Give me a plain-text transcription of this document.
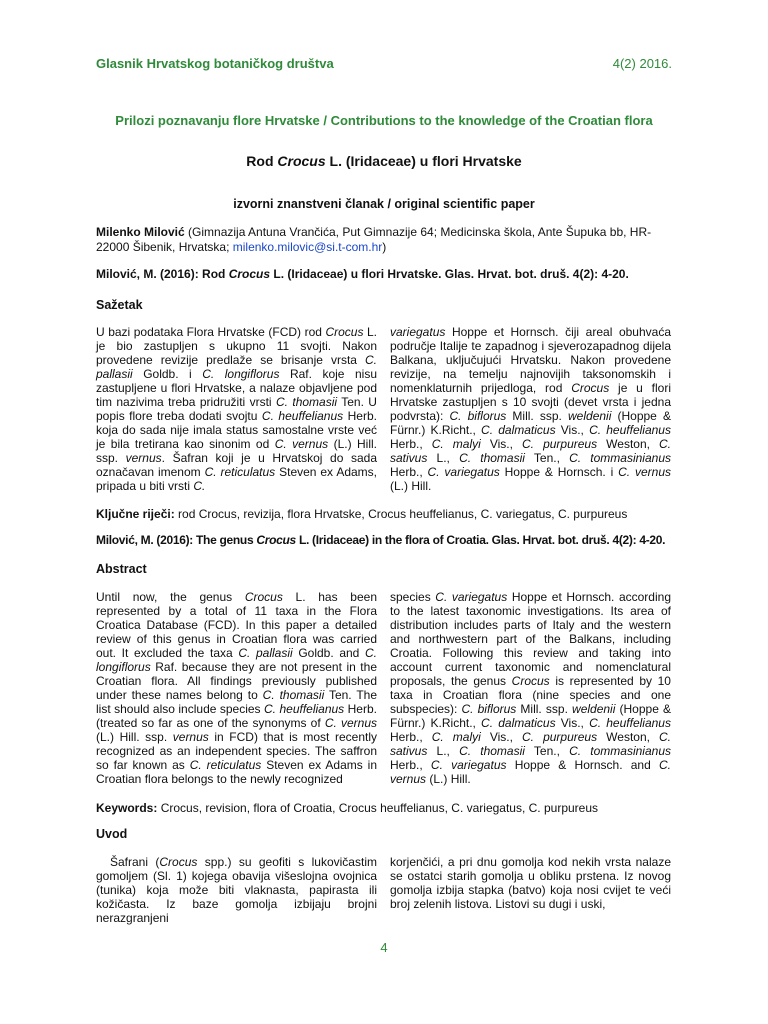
Glasnik Hrvatskog botaničkog društva	4(2) 2016.
Prilozi poznavanju flore Hrvatske / Contributions to the knowledge of the Croatian flora
Rod Crocus L. (Iridaceae) u flori Hrvatske
izvorni znanstveni članak / original scientific paper
Milenko Milović (Gimnazija Antuna Vrančića, Put Gimnazije 64; Medicinska škola, Ante Šupuka bb, HR-22000 Šibenik, Hrvatska; milenko.milovic@si.t-com.hr)
Milović, M. (2016): Rod Crocus L. (Iridaceae) u flori Hrvatske. Glas. Hrvat. bot. druš. 4(2): 4-20.
Sažetak
U bazi podataka Flora Hrvatske (FCD) rod Crocus L. je bio zastupljen s ukupno 11 svojti. Nakon provedene revizije predlaže se brisanje vrsta C. pallasii Goldb. i C. longiflorus Raf. koje nisu zastupljene u flori Hrvatske, a nalaze objavljene pod tim nazivima treba pridružiti vrsti C. thomasii Ten. U popis flore treba dodati svojtu C. heuffelianus Herb. koja do sada nije imala status samostalne vrste već je bila tretirana kao sinonim od C. vernus (L.) Hill. ssp. vernus. Šafran koji je u Hrvatskoj do sada označavan imenom C. reticulatus Steven ex Adams, pripada u biti vrsti C.
variegatus Hoppe et Hornsch. čiji areal obuhvaća područje Italije te zapadnog i sjeverozapadnog dijela Balkana, uključujući Hrvatsku. Nakon provedene revizije, na temelju najnovijih taksonomskih i nomenklaturnih prijedloga, rod Crocus je u flori Hrvatske zastupljen s 10 svojti (devet vrsta i jedna podvrsta): C. biflorus Mill. ssp. weldenii (Hoppe & Fürnr.) K.Richt., C. dalmaticus Vis., C. heuffelianus Herb., C. malyi Vis., C. purpureus Weston, C. sativus L., C. thomasii Ten., C. tommasinianus Herb., C. variegatus Hoppe & Hornsch. i C. vernus (L.) Hill.
Ključne riječi: rod Crocus, revizija, flora Hrvatske, Crocus heuffelianus, C. variegatus, C. purpureus
Milović, M. (2016): The genus Crocus L. (Iridaceae) in the flora of Croatia. Glas. Hrvat. bot. druš. 4(2): 4-20.
Abstract
Until now, the genus Crocus L. has been represented by a total of 11 taxa in the Flora Croatica Database (FCD). In this paper a detailed review of this genus in Croatian flora was carried out. It excluded the taxa C. pallasii Goldb. and C. longiflorus Raf. because they are not present in the Croatian flora. All findings previously published under these names belong to C. thomasii Ten. The list should also include species C. heuffelianus Herb. (treated so far as one of the synonyms of C. vernus (L.) Hill. ssp. vernus in FCD) that is most recently recognized as an independent species. The saffron so far known as C. reticulatus Steven ex Adams in Croatian flora belongs to the newly recognized
species C. variegatus Hoppe et Hornsch. according to the latest taxonomic investigations. Its area of distribution includes parts of Italy and the western and northwestern part of the Balkans, including Croatia. Following this review and taking into account current taxonomic and nomenclatural proposals, the genus Crocus is represented by 10 taxa in Croatian flora (nine species and one subspecies): C. biflorus Mill. ssp. weldenii (Hoppe & Fürnr.) K.Richt., C. dalmaticus Vis., C. heuffelianus Herb., C. malyi Vis., C. purpureus Weston, C. sativus L., C. thomasii Ten., C. tommasinianus Herb., C. variegatus Hoppe & Hornsch. and C. vernus (L.) Hill.
Keywords: Crocus, revision, flora of Croatia, Crocus heuffelianus, C. variegatus, C. purpureus
Uvod
Šafrani (Crocus spp.) su geofiti s lukovičastim gomoljem (Sl. 1) kojega obavija višeslojna ovojnica (tunika) koja može biti vlaknasta, papirasta ili kožičasta. Iz baze gomolja izbijaju brojni nerazgranjeni
korjenčići, a pri dnu gomolja kod nekih vrsta nalaze se ostatci starih gomolja u obliku prstena. Iz novog gomolja izbija stapka (batvo) koja nosi cvijet te veći broj zelenih listova. Listovi su dugi i uski,
4
